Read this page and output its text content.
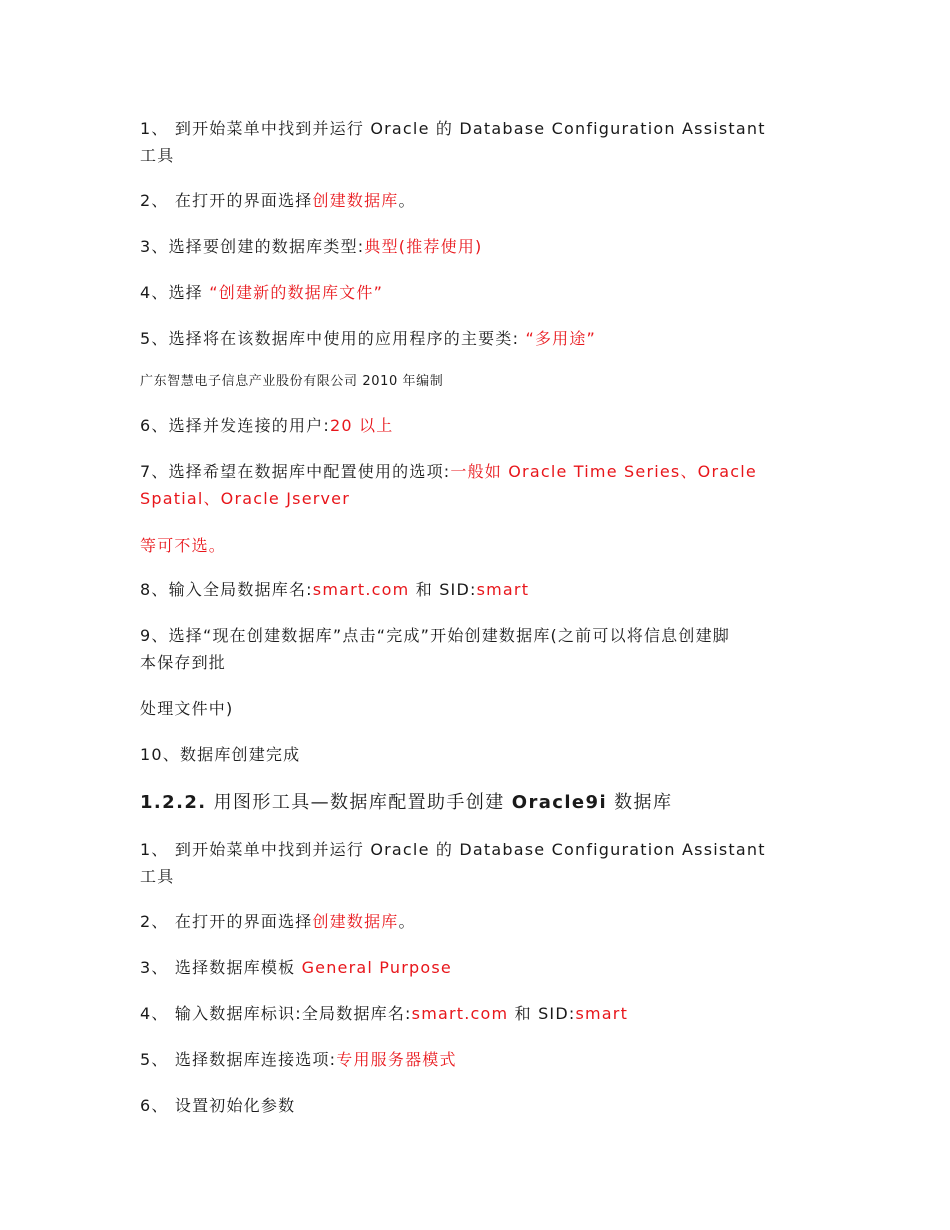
1、 到开始菜单中找到并运行 Oracle 的 Database Configuration Assistant
工具
2、 在打开的界面选择创建数据库。
3、选择要创建的数据库类型:典型(推荐使用)
4、选择 “创建新的数据库文件”
5、选择将在该数据库中使用的应用程序的主要类: “多用途”
广东智慧电子信息产业股份有限公司 2010 年编制
6、选择并发连接的用户:20 以上
7、选择希望在数据库中配置使用的选项:一般如 Oracle Time Series、Oracle
Spatial、Oracle Jserver
等可不选。
8、输入全局数据库名:smart.com 和 SID:smart
9、选择“现在创建数据库”点击“完成”开始创建数据库(之前可以将信息创建脚
本保存到批
处理文件中)
10、数据库创建完成
1.2.2. 用图形工具—数据库配置助手创建 Oracle9i 数据库
1、 到开始菜单中找到并运行 Oracle 的 Database Configuration Assistant
工具
2、 在打开的界面选择创建数据库。
3、 选择数据库模板 General Purpose
4、 输入数据库标识:全局数据库名:smart.com 和 SID:smart
5、 选择数据库连接选项:专用服务器模式
6、 设置初始化参数
